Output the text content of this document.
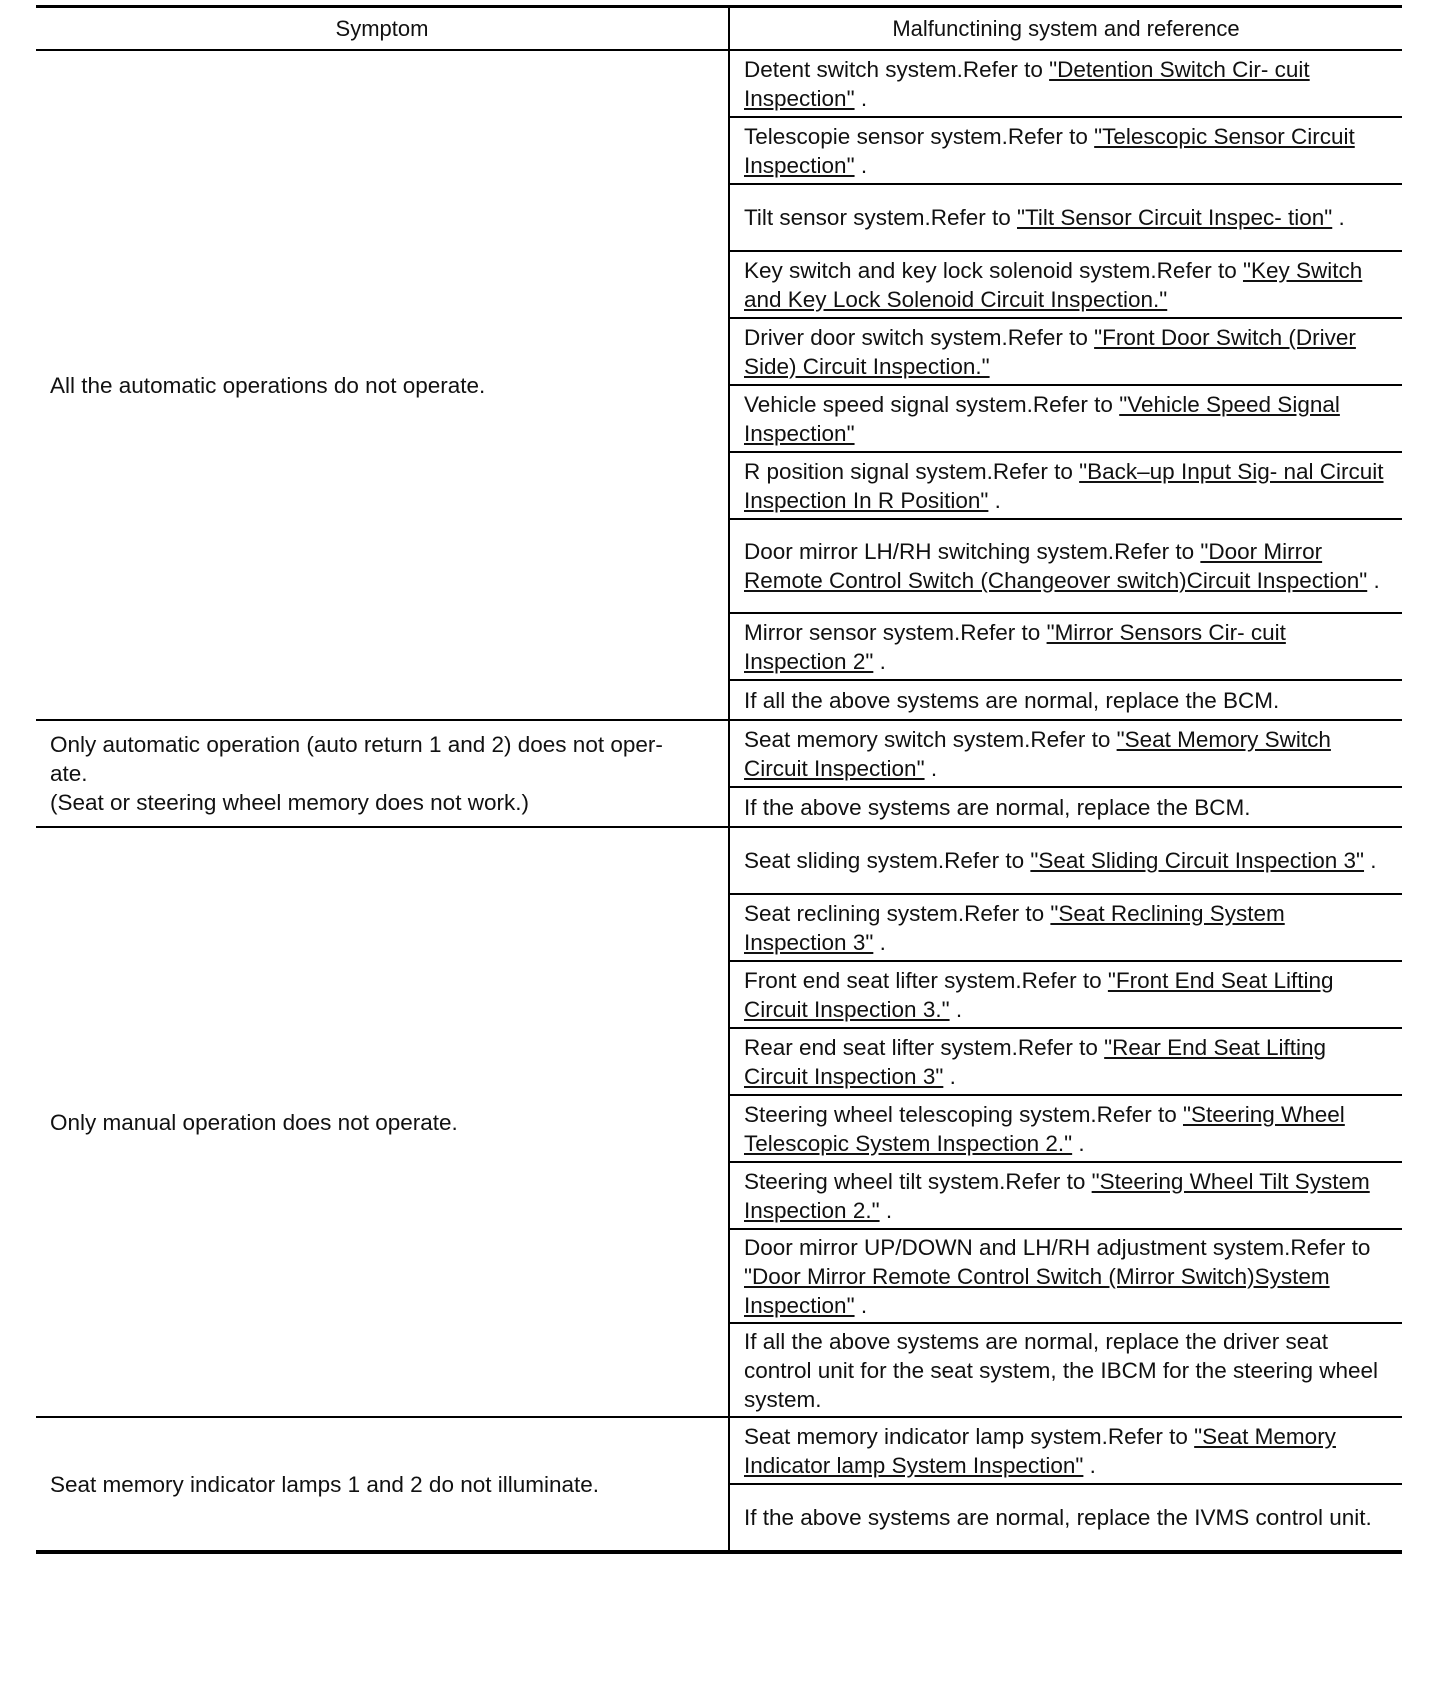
Symptom	Malfunctining system and reference
All the automatic operations do not operate.	Detent switch system.Refer to "Detention Switch Cir- cuit Inspection" .
	Telescopie sensor system.Refer to "Telescopic Sensor Circuit Inspection" .
	Tilt sensor system.Refer to "Tilt Sensor Circuit Inspec- tion" .
	Key switch and key lock solenoid system.Refer to "Key Switch and Key Lock Solenoid Circuit Inspection."
	Driver door switch system.Refer to "Front Door Switch (Driver Side) Circuit Inspection."
	Vehicle speed signal system.Refer to "Vehicle Speed Signal Inspection"
	R position signal system.Refer to "Back–up Input Sig- nal Circuit Inspection In R Position" .
	Door mirror LH/RH switching system.Refer to "Door Mirror Remote Control Switch (Changeover switch)Circuit Inspection" .
	Mirror sensor system.Refer to "Mirror Sensors Cir- cuit Inspection 2" .
	If all the above systems are normal, replace the BCM.
Only automatic operation (auto return 1 and 2) does not oper-
ate.
(Seat or steering wheel memory does not work.)	Seat memory switch system.Refer to "Seat Memory Switch Circuit Inspection" .
	If the above systems are normal, replace the BCM.
Only manual operation does not operate.	Seat sliding system.Refer to "Seat Sliding Circuit Inspection 3" .
	Seat reclining system.Refer to "Seat Reclining System Inspection 3" .
	Front end seat lifter system.Refer to "Front End Seat Lifting Circuit Inspection 3." .
	Rear end seat lifter system.Refer to "Rear End Seat Lifting Circuit Inspection 3" .
	Steering wheel telescoping system.Refer to "Steering Wheel Telescopic System Inspection 2." .
	Steering wheel tilt system.Refer to "Steering Wheel Tilt System Inspection 2." .
	Door mirror UP/DOWN and LH/RH adjustment system.Refer to "Door Mirror Remote Control Switch (Mirror Switch)System Inspection" .
	If all the above systems are normal, replace the driver seat control unit for the seat system, the IBCM for the steering wheel system.
Seat memory indicator lamps 1 and 2 do not illuminate.	Seat memory indicator lamp system.Refer to "Seat Memory Indicator lamp System Inspection" .
	If the above systems are normal, replace the IVMS control unit.
